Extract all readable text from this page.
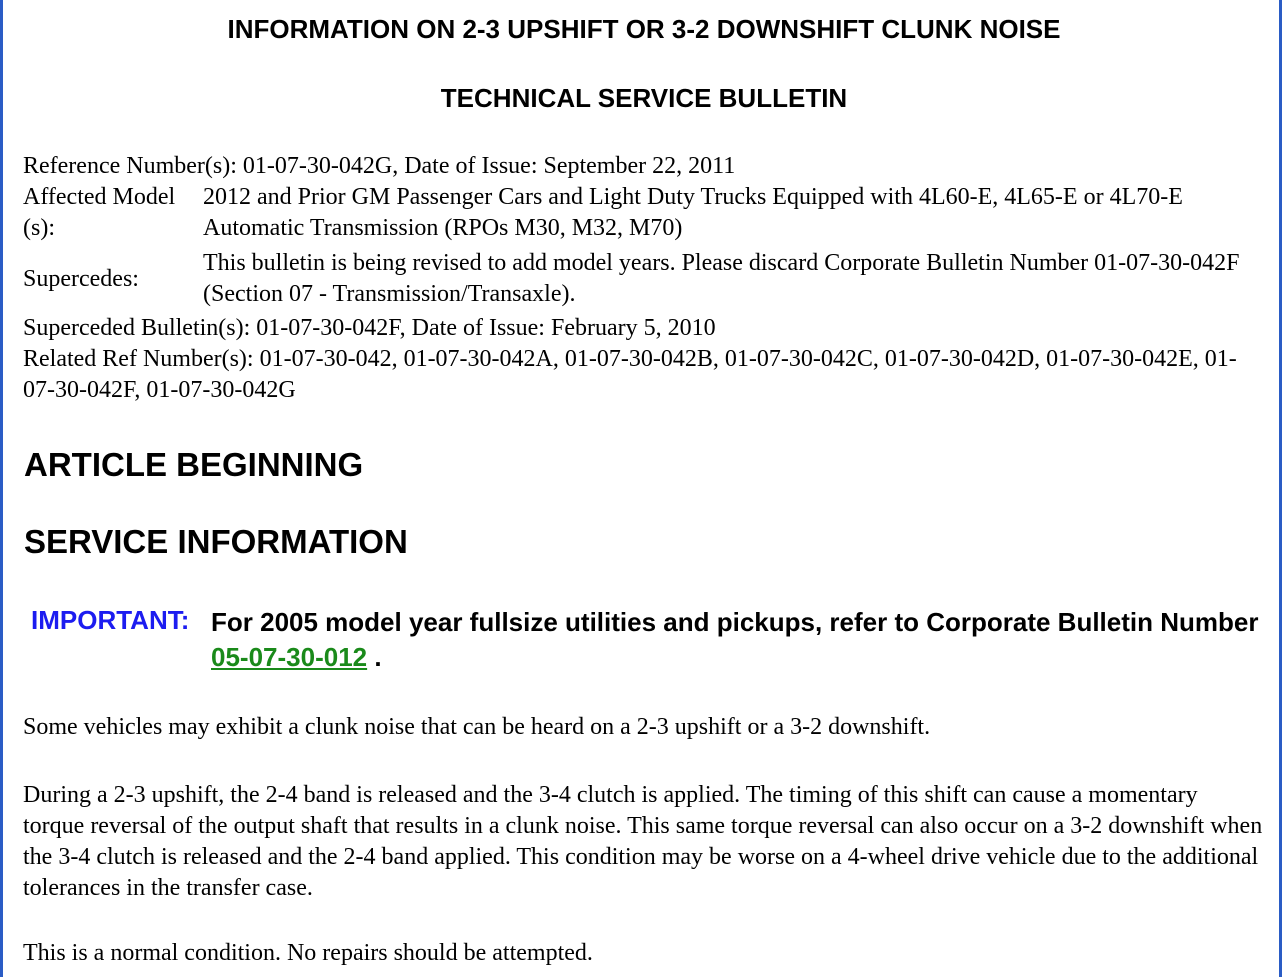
INFORMATION ON 2-3 UPSHIFT OR 3-2 DOWNSHIFT CLUNK NOISE
TECHNICAL SERVICE BULLETIN
Reference Number(s): 01-07-30-042G, Date of Issue: September 22, 2011
Affected Model
(s):
2012 and Prior GM Passenger Cars and Light Duty Trucks Equipped with 4L60-E, 4L65-E or 4L70-E Automatic Transmission (RPOs M30, M32, M70)
Supercedes:
This bulletin is being revised to add model years. Please discard Corporate Bulletin Number 01-07-30-042F (Section 07 - Transmission/Transaxle).
Superceded Bulletin(s): 01-07-30-042F, Date of Issue: February 5, 2010
Related Ref Number(s): 01-07-30-042, 01-07-30-042A, 01-07-30-042B, 01-07-30-042C, 01-07-30-042D, 01-07-30-042E, 01-07-30-042F, 01-07-30-042G
ARTICLE BEGINNING
SERVICE INFORMATION
IMPORTANT: For 2005 model year fullsize utilities and pickups, refer to Corporate Bulletin Number 05-07-30-012 .
Some vehicles may exhibit a clunk noise that can be heard on a 2-3 upshift or a 3-2 downshift.
During a 2-3 upshift, the 2-4 band is released and the 3-4 clutch is applied. The timing of this shift can cause a momentary torque reversal of the output shaft that results in a clunk noise. This same torque reversal can also occur on a 3-2 downshift when the 3-4 clutch is released and the 2-4 band applied. This condition may be worse on a 4-wheel drive vehicle due to the additional tolerances in the transfer case.
This is a normal condition. No repairs should be attempted.
